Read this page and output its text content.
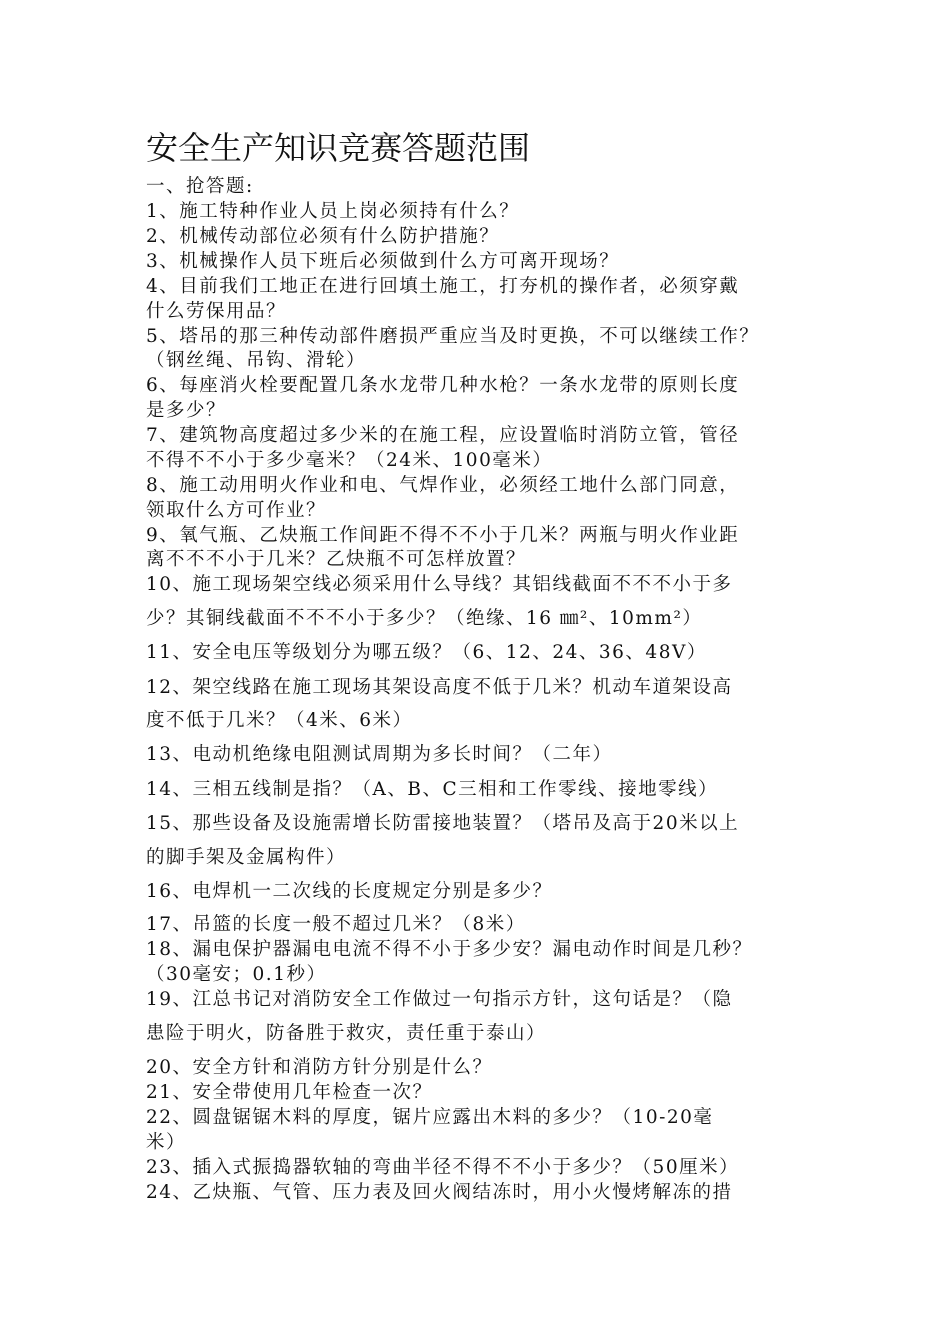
安全生产知识竞赛答题范围
一、抢答题:
1、施工特种作业人员上岗必须持有什么？
2、机械传动部位必须有什么防护措施？
3、机械操作人员下班后必须做到什么方可离开现场？
4、目前我们工地正在进行回填土施工，打夯机的操作者，必须穿戴
什么劳保用品？
5、塔吊的那三种传动部件磨损严重应当及时更换，不可以继续工作？
（钢丝绳、吊钩、滑轮）
6、每座消火栓要配置几条水龙带几种水枪？一条水龙带的原则长度
是多少？
7、建筑物高度超过多少米的在施工程，应设置临时消防立管，管径
不得不不小于多少毫米？（24米、100毫米）
8、施工动用明火作业和电、气焊作业，必须经工地什么部门同意，
领取什么方可作业？
9、氧气瓶、乙炔瓶工作间距不得不不小于几米？两瓶与明火作业距
离不不不小于几米？乙炔瓶不可怎样放置？
10、施工现场架空线必须采用什么导线？其铝线截面不不不小于多
少？其铜线截面不不不小于多少？（绝缘、16 ㎜²、10mm²）
11、安全电压等级划分为哪五级？（6、12、24、36、48V）
12、架空线路在施工现场其架设高度不低于几米？机动车道架设高
度不低于几米？（4米、6米）
13、电动机绝缘电阻测试周期为多长时间？（二年）
14、三相五线制是指？（A、B、C三相和工作零线、接地零线）
15、那些设备及设施需增长防雷接地装置？（塔吊及高于20米以上
的脚手架及金属构件）
16、电焊机一二次线的长度规定分别是多少？
17、吊篮的长度一般不超过几米？（8米）
18、漏电保护器漏电电流不得不小于多少安？漏电动作时间是几秒？
（30毫安；0.1秒）
19、江总书记对消防安全工作做过一句指示方针，这句话是？（隐
患险于明火，防备胜于救灾，责任重于泰山）
20、安全方针和消防方针分别是什么？
21、安全带使用几年检查一次？
22、圆盘锯锯木料的厚度，锯片应露出木料的多少？（10-20毫
米）
23、插入式振捣器软轴的弯曲半径不得不不小于多少？（50厘米）
24、乙炔瓶、气管、压力表及回火阀结冻时，用小火慢烤解冻的措
